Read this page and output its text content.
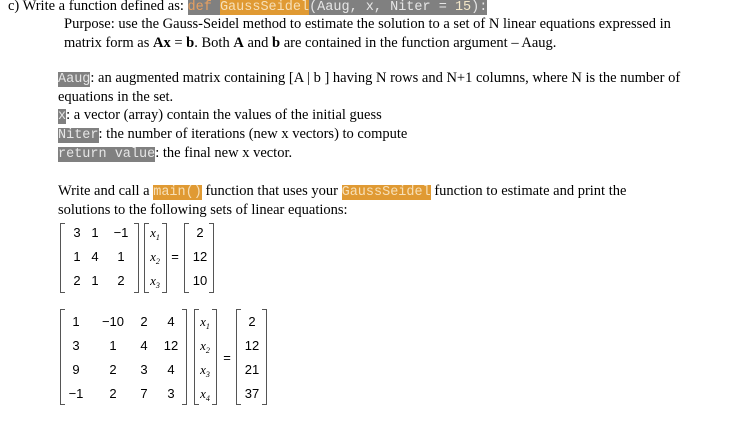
c) Write a function defined as: def GaussSeidel(Aaug, x, Niter = 15):
Purpose: use the Gauss-Seidel method to estimate the solution to a set of N linear equations expressed in
matrix form as Ax = b. Both A and b are contained in the function argument – Aaug.
Aaug: an augmented matrix containing [A | b ] having N rows and N+1 columns, where N is the number of
equations in the set.
x: a vector (array) contain the values of the initial guess
Niter: the number of iterations (new x vectors) to compute
return value: the final new x vector.
Write and call a main() function that uses your GaussSeidel function to estimate and print the
solutions to the following sets of linear equations:
3 1	−1
1 4	1
2 1	2
$x_1$
$x_2$
$x_3$
=
2
12
10
1	−10	2	4
3	1	4	12
9	2	3	4
−1	2	7	3
$x_1$
$x_2$
$x_3$
$x_4$
=
2
12
21
37
